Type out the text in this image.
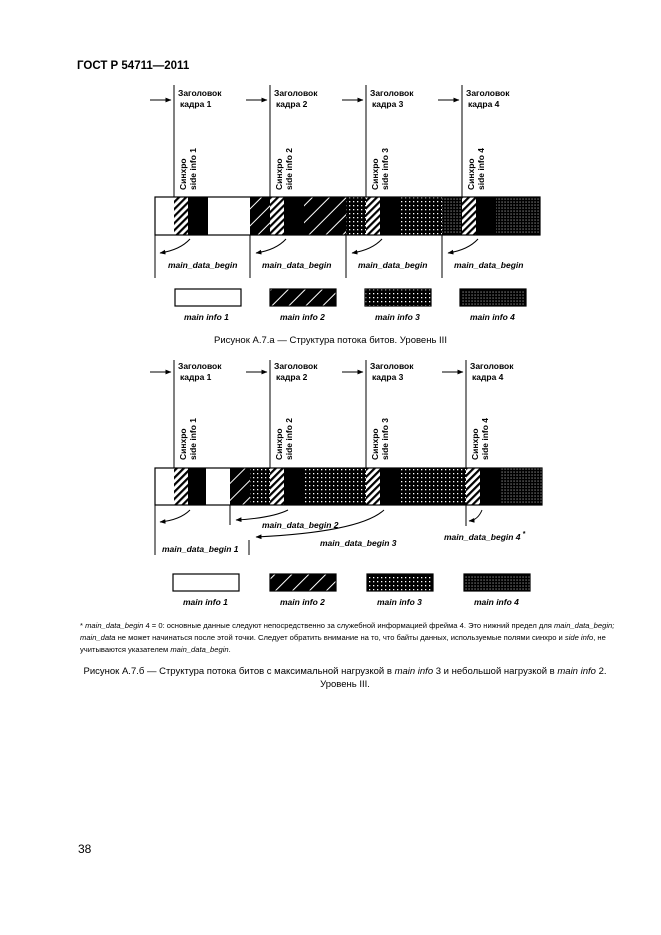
ГОСТ Р 54711—2011
Заголовок
кадра 1
Заголовок
кадра 2
Заголовок
кадра 3
Заголовок
кадра 4
Синхро side info 1	Синхро side info 2	Синхро side info 3	Синхро side info 4
main_data_begin	main_data_begin	main_data_begin	main_data_begin
main info 1	main info 2	main info 3	main info 4
Заголовок
кадра 1
Заголовок
кадра 2
Заголовок
кадра 3
Заголовок
кадра 4
Синхро side info 1	Синхро side info 2	Синхро side info 3	Синхро side info 4
main_data_begin 1
main_data_begin 2
main_data_begin 3
main_data_begin 4 *
main info 1	main info 2	main info 3	main info 4
Рисунок А.7.а — Структура потока битов. Уровень III
* main_data_begin 4 = 0: основные данные следуют непосредственно за служебной информацией фрейма 4. Это нижний предел для main_data_begin; main_data не может начинаться после этой точки. Следует обратить внимание на то, что байты данных, используемые полями синхро и side info, не учитываются указателем main_data_begin.
Рисунок А.7.б — Структура потока битов с максимальной нагрузкой в main info 3 и небольшой нагрузкой в main info 2. Уровень III.
38
